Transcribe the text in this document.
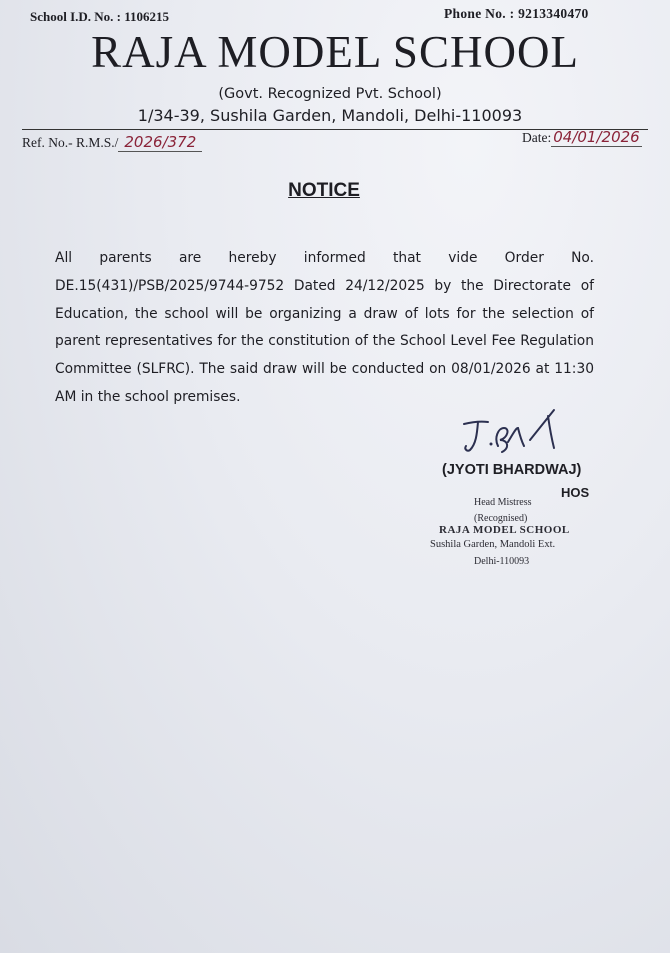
School I.D. No. : 1106215	Phone No. : 9213340470
RAJA MODEL SCHOOL
(Govt. Recognized Pvt. School)
1/34-39, Sushila Garden, Mandoli, Delhi-110093
Ref. No.- R.M.S./ 2026/372	Date: 04/01/2026
NOTICE
All parents are hereby informed that vide Order No. DE.15(431)/PSB/2025/9744-9752 Dated 24/12/2025 by the Directorate of Education, the school will be organizing a draw of lots for the selection of parent representatives for the constitution of the School Level Fee Regulation Committee (SLFRC). The said draw will be conducted on 08/01/2026 at 11:30 AM in the school premises.
(JYOTI BHARDWAJ)
HOS
Head Mistress
(Recognised)
RAJA MODEL SCHOOL
Sushila Garden, Mandoli Ext.
Delhi-110093
